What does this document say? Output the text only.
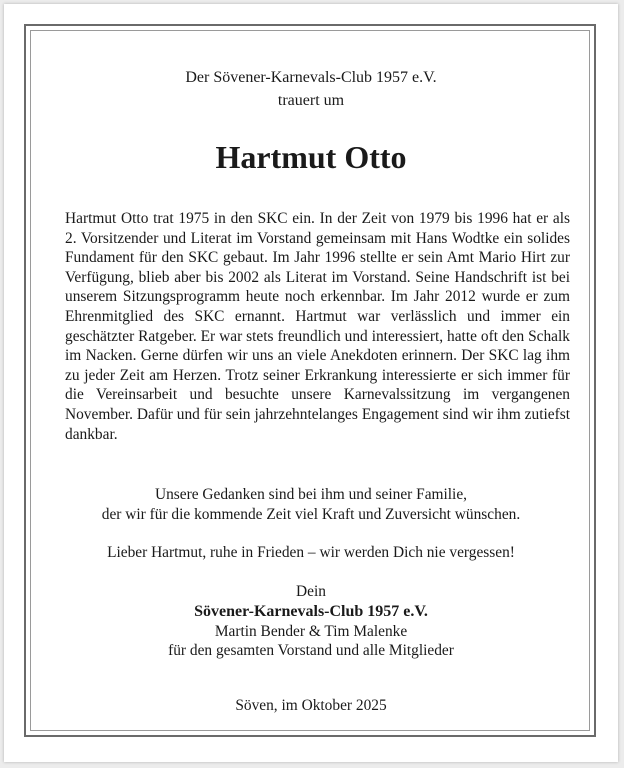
Der Sövener-Karnevals-Club 1957 e.V.
trauert um
Hartmut Otto
Hartmut Otto trat 1975 in den SKC ein. In der Zeit von 1979 bis 1996 hat er als 2. Vorsitzender und Literat im Vorstand gemeinsam mit Hans Wodtke ein solides Fundament für den SKC gebaut. Im Jahr 1996 stellte er sein Amt Mario Hirt zur Verfügung, blieb aber bis 2002 als Literat im Vorstand. Seine Handschrift ist bei unserem Sitzungsprogramm heute noch erkennbar. Im Jahr 2012 wurde er zum Ehrenmitglied des SKC ernannt. Hartmut war verlässlich und immer ein geschätzter Ratgeber. Er war stets freundlich und interessiert, hatte oft den Schalk im Nacken. Gerne dürfen wir uns an viele Anekdoten erinnern. Der SKC lag ihm zu jeder Zeit am Herzen. Trotz seiner Erkrankung interessierte er sich immer für die Vereinsarbeit und besuchte unsere Karnevalssitzung im vergangenen November. Dafür und für sein jahrzehntelanges Engagement sind wir ihm zutiefst dankbar.
Unsere Gedanken sind bei ihm und seiner Familie,
der wir für die kommende Zeit viel Kraft und Zuversicht wünschen.
Lieber Hartmut, ruhe in Frieden – wir werden Dich nie vergessen!
Dein
Sövener-Karnevals-Club 1957 e.V.
Martin Bender & Tim Malenke
für den gesamten Vorstand und alle Mitglieder
Söven, im Oktober 2025
